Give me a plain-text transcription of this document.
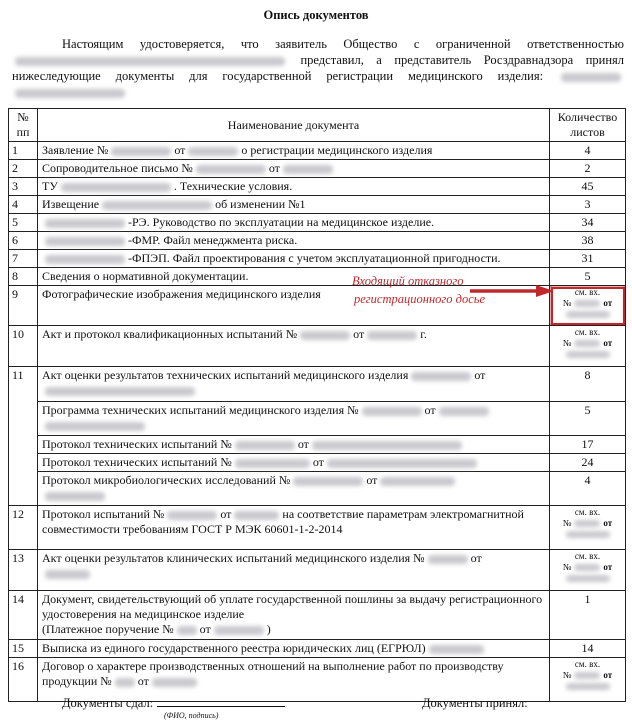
Опись документов
Настоящим удостоверяется, что заявитель Общество с ограниченной ответственностью  представил, а представитель Росздравнадзора принял нижеследующие документы для государственной регистрации медицинского изделия:
№ пп	Наименование документа	Количество листов
1	Заявление № от о регистрации медицинского изделия	4
2	Сопроводительное письмо № от	2
3	ТУ . Технические условия.	45
4	Извещение об изменении №1	3
5	-РЭ. Руководство по эксплуатации на медицинское изделие.	34
6	-ФМР. Файл менеджмента риска.	38
7	-ФПЭП. Файл проектирования с учетом эксплуатационной пригодности.	31
8	Сведения о нормативной документации.	5
9	Фотографические изображения медицинского изделия	см. вх.
№ от

10	Акт и протокол квалификационных испытаний № от г.	см. вх.
№ от

11	Акт оценки результатов технических испытаний медицинского изделия от	8
	Программа технических испытаний медицинского изделия № от	5
	Протокол технических испытаний № от	17
	Протокол технических испытаний № от	24
	Протокол микробиологических исследований № от	4
12	Протокол испытаний № от на соответствие параметрам электромагнитной совместимости требованиям ГОСТ Р МЭК 60601-1-2-2014	см. вх.
№ от

13	Акт оценки результатов клинических испытаний медицинского изделия № от	см. вх.
№ от

14	Документ, свидетельствующий об уплате государственной пошлины за выдачу регистрационного удостоверения на медицинское изделие
(Платежное поручение № от )	1
15	Выписка из единого государственного реестра юридических лиц (ЕГРЮЛ)	14
16	Договор о характере производственных отношений на выполнение работ по производству продукции № от	см. вх.
№ от
Входящий отказного
регистрационного досье
Документы сдал:
(ФИО, подпись)
Документы принял:
